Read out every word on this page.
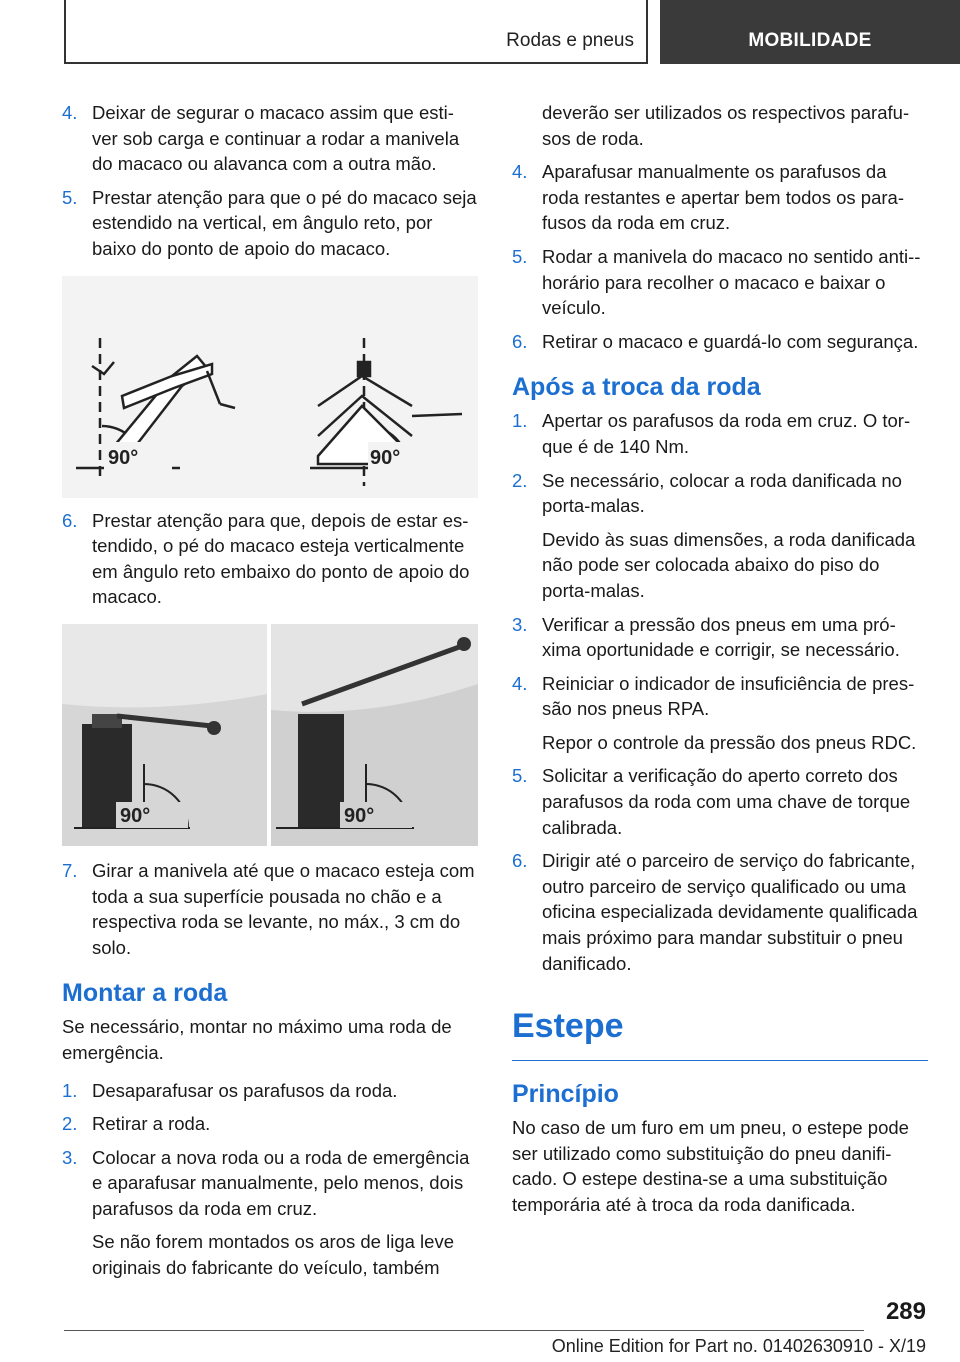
Rodas e pneus	MOBILIDADE
4. Deixar de segurar o macaco assim que esti-ver sob carga e continuar a rodar a manivela do macaco ou alavanca com a outra mão.
5. Prestar atenção para que o pé do macaco seja estendido na vertical, em ângulo reto, por baixo do ponto de apoio do macaco.
90°	90°
6. Prestar atenção para que, depois de estar es-tendido, o pé do macaco esteja verticalmente em ângulo reto embaixo do ponto de apoio do macaco.
90°	90°
7. Girar a manivela até que o macaco esteja com toda a sua superfície pousada no chão e a respectiva roda se levante, no máx., 3 cm do solo.
Montar a roda

Se necessário, montar no máximo uma roda de emergência.

1. Desaparafusar os parafusos da roda.
2. Retirar a roda.
3. Colocar a nova roda ou a roda de emergência e aparafusar manualmente, pelo menos, dois parafusos da roda em cruz.

Se não forem montados os aros de liga leve originais do fabricante do veículo, também

deverão ser utilizados os respectivos parafu-sos de roda.

4. Aparafusar manualmente os parafusos da roda restantes e apertar bem todos os para-fusos da roda em cruz.
5. Rodar a manivela do macaco no sentido anti--horário para recolher o macaco e baixar o veículo.
6. Retirar o macaco e guardá-lo com segurança.
Após a troca da roda
1. Apertar os parafusos da roda em cruz. O tor-que é de 140 Nm.
2. Se necessário, colocar a roda danificada no porta-malas.

Devido às suas dimensões, a roda danificada não pode ser colocada abaixo do piso do porta-malas.

3. Verificar a pressão dos pneus em uma pró-xima oportunidade e corrigir, se necessário.
4. Reiniciar o indicador de insuficiência de pres-são nos pneus RPA.

Repor o controle da pressão dos pneus RDC.

5. Solicitar a verificação do aperto correto dos parafusos da roda com uma chave de torque calibrada.
6. Dirigir até o parceiro de serviço do fabricante, outro parceiro de serviço qualificado ou uma oficina especializada devidamente qualificada mais próximo para mandar substituir o pneu danificado.
Estepe
Princípio

No caso de um furo em um pneu, o estepe pode ser utilizado como substituição do pneu danifi-cado. O estepe destina-se a uma substituição temporária até à troca da roda danificada.

289
Online Edition for Part no. 01402630910 - X/19
